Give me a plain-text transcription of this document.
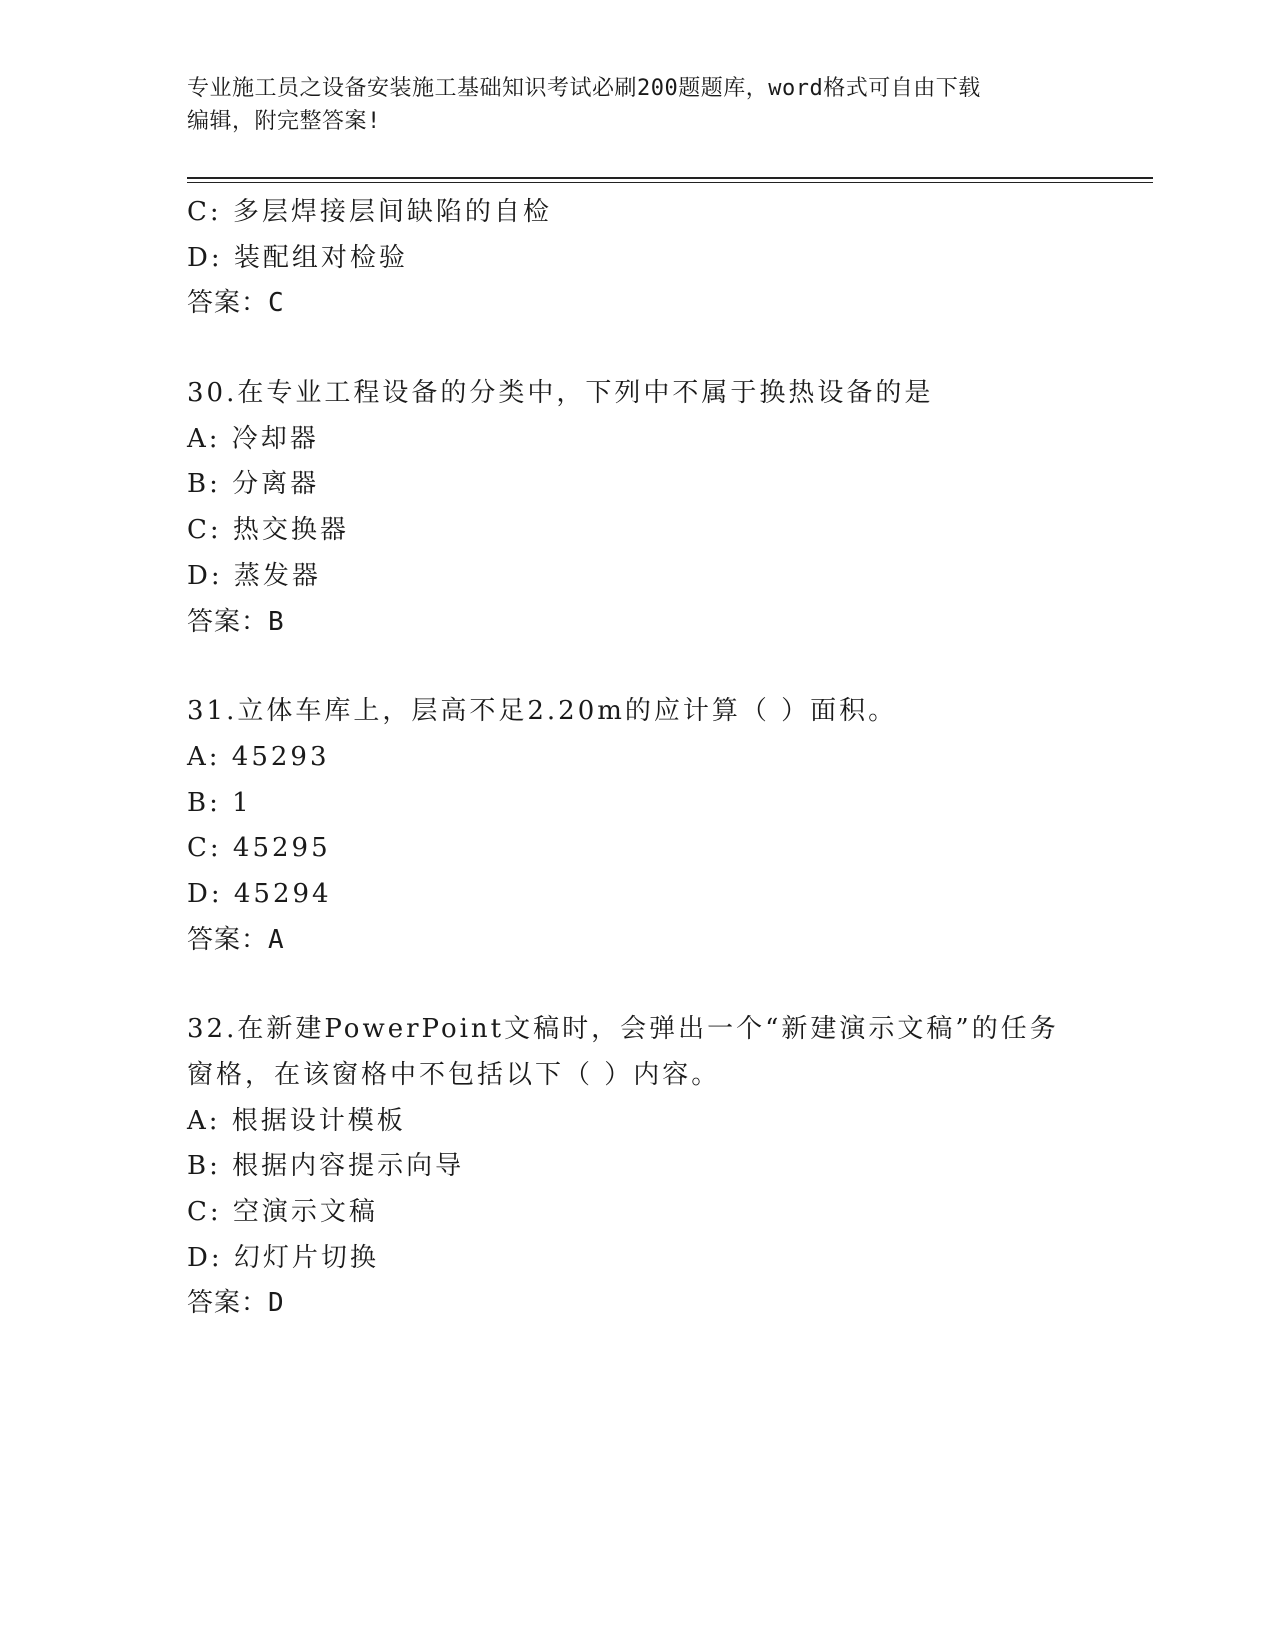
专业施工员之设备安装施工基础知识考试必刷200题题库，word格式可自由下载
编辑，附完整答案!
C: 多层焊接层间缺陷的自检
D: 装配组对检验
答案：C
30.在专业工程设备的分类中，下列中不属于换热设备的是
A: 冷却器
B: 分离器
C: 热交换器
D: 蒸发器
答案：B
31.立体车库上，层高不足2.20m的应计算（ ）面积。
A: 45293
B: 1
C: 45295
D: 45294
答案：A
32.在新建PowerPoint文稿时，会弹出一个“新建演示文稿”的任务
窗格，在该窗格中不包括以下（ ）内容。
A: 根据设计模板
B: 根据内容提示向导
C: 空演示文稿
D: 幻灯片切换
答案：D
